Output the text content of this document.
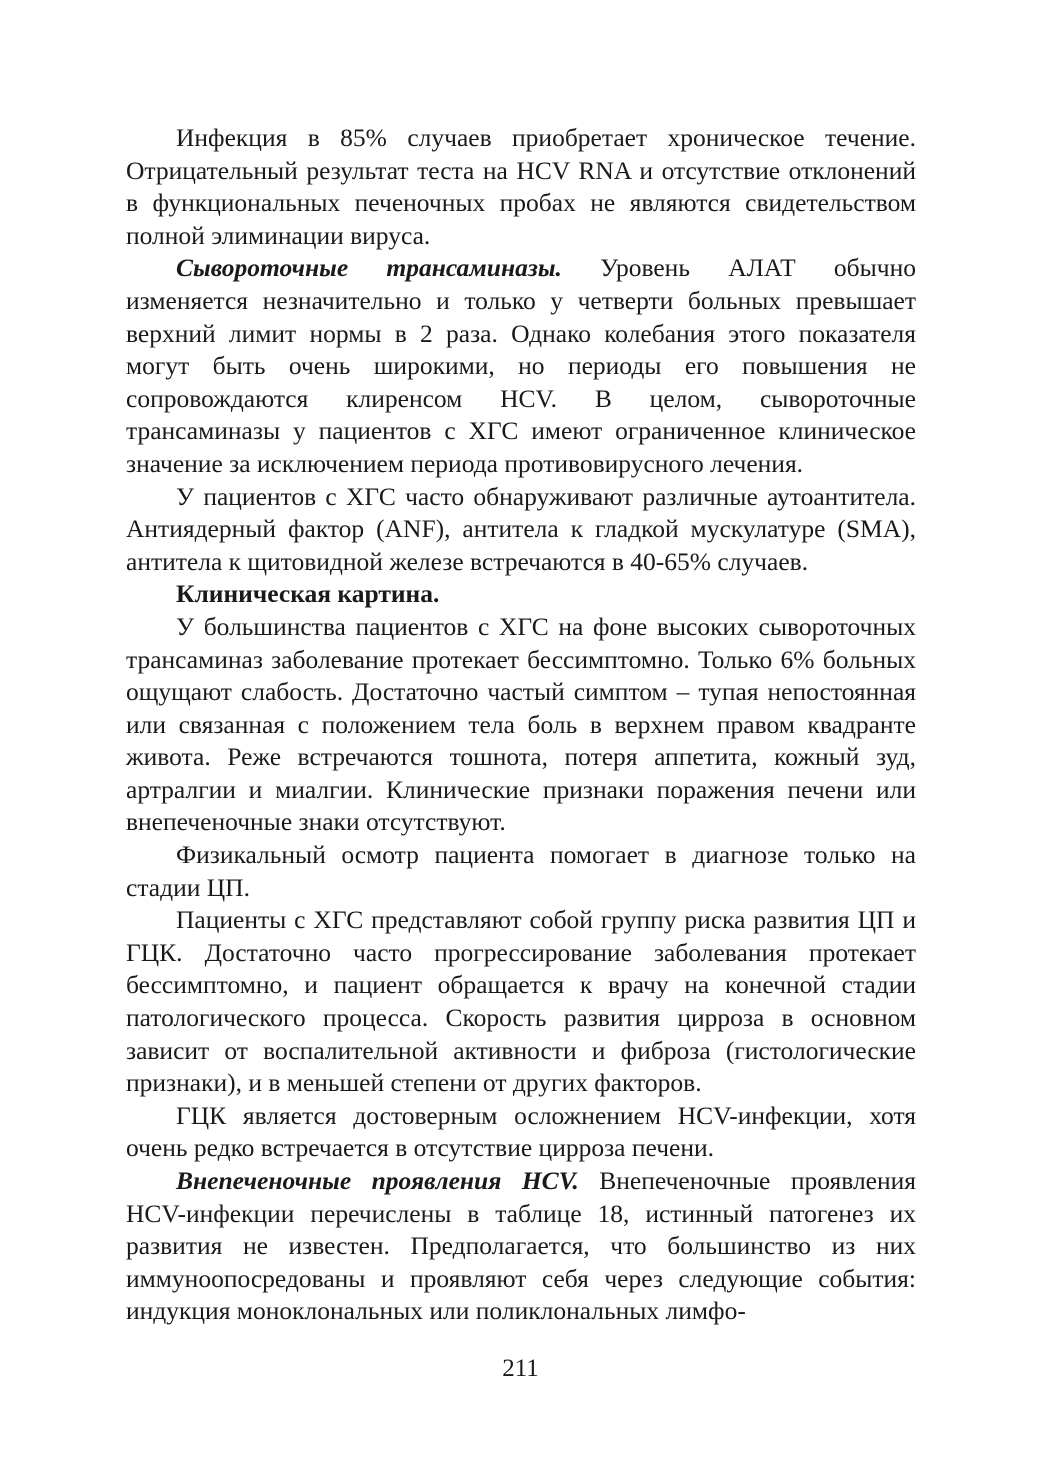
Инфекция в 85% случаев приобретает хроническое течение. Отрицательный результат теста на HCV RNA и отсутствие отклонений в функциональных печеночных пробах не являются свидетельством полной элиминации вируса.

Сывороточные трансаминазы. Уровень АЛАТ обычно изменяется незначительно и только у четверти больных превышает верхний лимит нормы в 2 раза. Однако колебания этого показателя могут быть очень широкими, но периоды его повышения не сопровождаются клиренсом HCV. В целом, сывороточные трансаминазы у пациентов с ХГС имеют ограниченное клиническое значение за исключением периода противовирусного лечения.

У пациентов с ХГС часто обнаруживают различные аутоантитела. Антиядерный фактор (ANF), антитела к гладкой мускулатуре (SMA), антитела к щитовидной железе встречаются в 40-65% случаев.

Клиническая картина.

У большинства пациентов с ХГС на фоне высоких сывороточных трансаминаз заболевание протекает бессимптомно. Только 6% больных ощущают слабость. Достаточно частый симптом – тупая непостоянная или связанная с положением тела боль в верхнем правом квадранте живота. Реже встречаются тошнота, потеря аппетита, кожный зуд, артралгии и миалгии. Клинические признаки поражения печени или внепеченочные знаки отсутствуют.

Физикальный осмотр пациента помогает в диагнозе только на стадии ЦП.

Пациенты с ХГС представляют собой группу риска развития ЦП и ГЦК. Достаточно часто прогрессирование заболевания протекает бессимптомно, и пациент обращается к врачу на конечной стадии патологического процесса. Скорость развития цирроза в основном зависит от воспалительной активности и фиброза (гистологические признаки), и в меньшей степени от других факторов.

ГЦК является достоверным осложнением HCV-инфекции, хотя очень редко встречается в отсутствие цирроза печени.

Внепеченочные проявления HCV. Внепеченочные проявления HCV-инфекции перечислены в таблице 18, истинный патогенез их развития не известен. Предполагается, что большинство из них иммуноопосредованы и проявляют себя через следующие события: индукция моноклональных или поликлональных лимфо-

211
